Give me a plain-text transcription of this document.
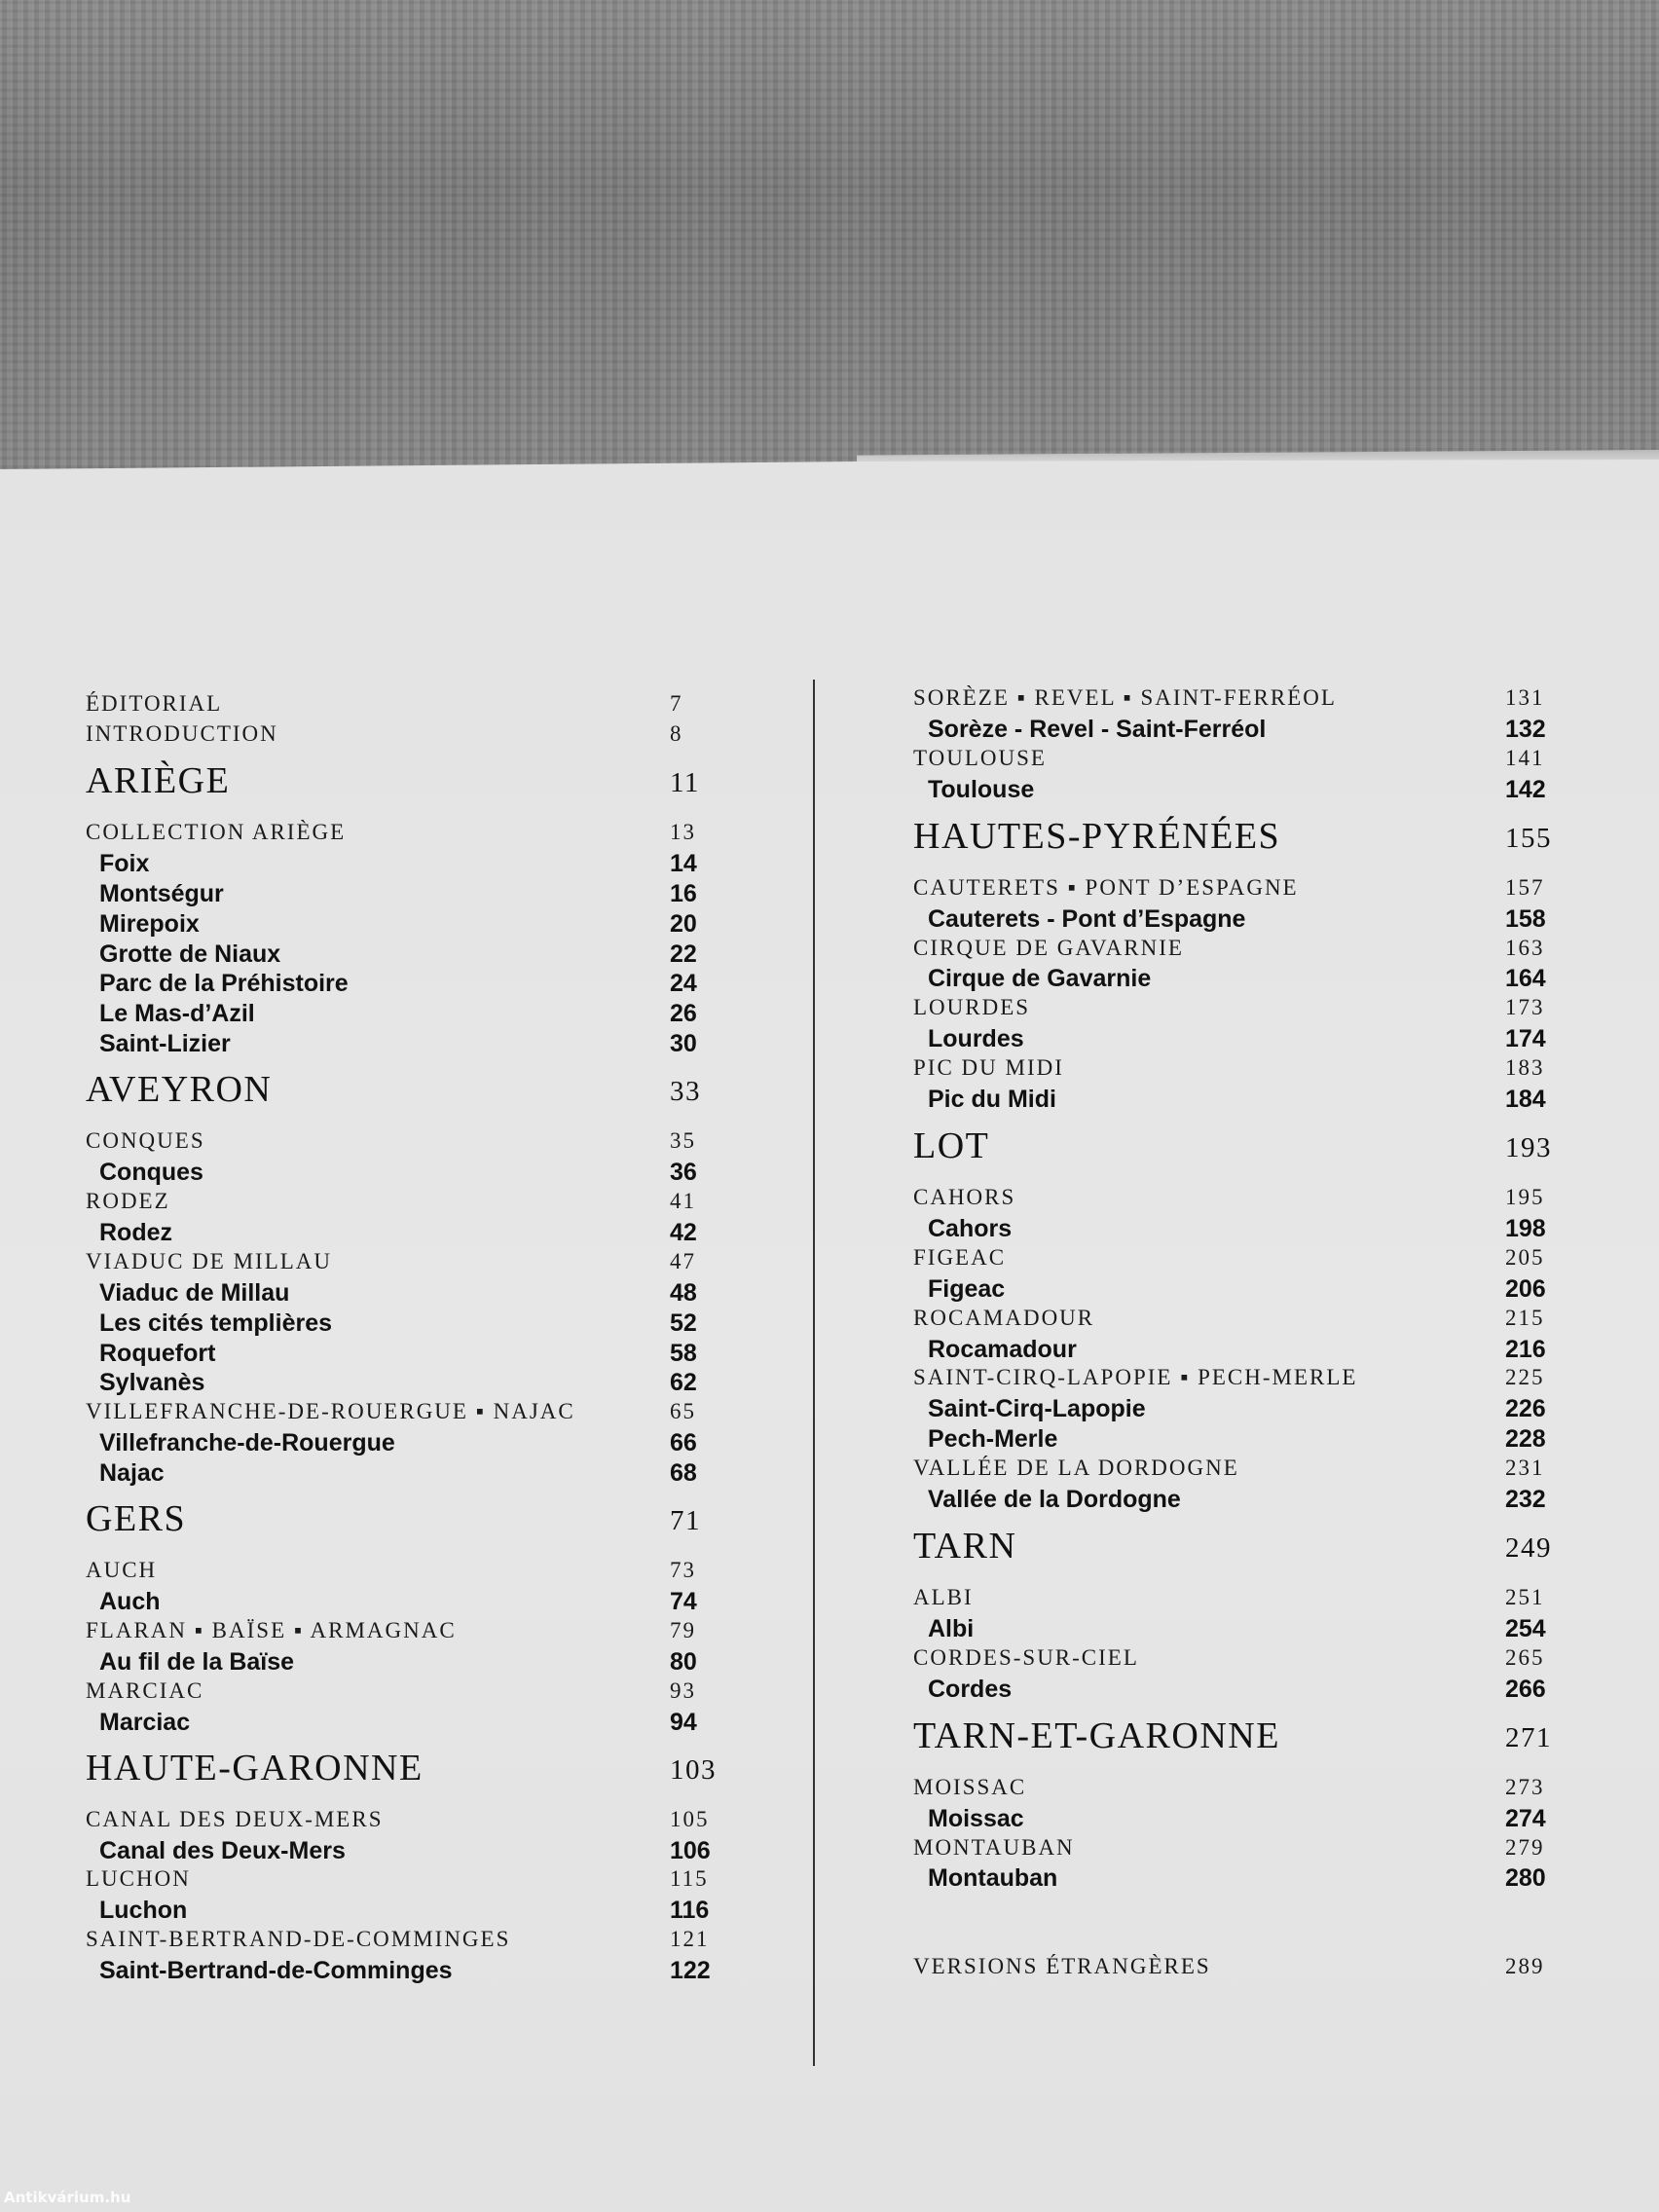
ÉDITORIAL	7
INTRODUCTION	8
ARIÈGE	11
COLLECTION ARIÈGE	13
Foix	14
Montségur	16
Mirepoix	20
Grotte de Niaux	22
Parc de la Préhistoire	24
Le Mas-d’Azil	26
Saint-Lizier	30
AVEYRON	33
CONQUES	35
Conques	36
RODEZ	41
Rodez	42
VIADUC DE MILLAU	47
Viaduc de Millau	48
Les cités templières	52
Roquefort	58
Sylvanès	62
VILLEFRANCHE-DE-ROUERGUE ▪ NAJAC	65
Villefranche-de-Rouergue	66
Najac	68
GERS	71
AUCH	73
Auch	74
FLARAN ▪ BAÏSE ▪ ARMAGNAC	79
Au fil de la Baïse	80
MARCIAC	93
Marciac	94
HAUTE-GARONNE	103
CANAL DES DEUX-MERS	105
Canal des Deux-Mers	106
LUCHON	115
Luchon	116
SAINT-BERTRAND-DE-COMMINGES	121
Saint-Bertrand-de-Comminges	122
SORÈZE ▪ REVEL ▪ SAINT-FERRÉOL	131
Sorèze - Revel - Saint-Ferréol	132
TOULOUSE	141
Toulouse	142
HAUTES-PYRÉNÉES	155
CAUTERETS ▪ PONT D’ESPAGNE	157
Cauterets - Pont d’Espagne	158
CIRQUE DE GAVARNIE	163
Cirque de Gavarnie	164
LOURDES	173
Lourdes	174
PIC DU MIDI	183
Pic du Midi	184
LOT	193
CAHORS	195
Cahors	198
FIGEAC	205
Figeac	206
ROCAMADOUR	215
Rocamadour	216
SAINT-CIRQ-LAPOPIE ▪ PECH-MERLE	225
Saint-Cirq-Lapopie	226
Pech-Merle	228
VALLÉE DE LA DORDOGNE	231
Vallée de la Dordogne	232
TARN	249
ALBI	251
Albi	254
CORDES-SUR-CIEL	265
Cordes	266
TARN-ET-GARONNE	271
MOISSAC	273
Moissac	274
MONTAUBAN	279
Montauban	280
VERSIONS ÉTRANGÈRES	289
Antikvárium.hu
